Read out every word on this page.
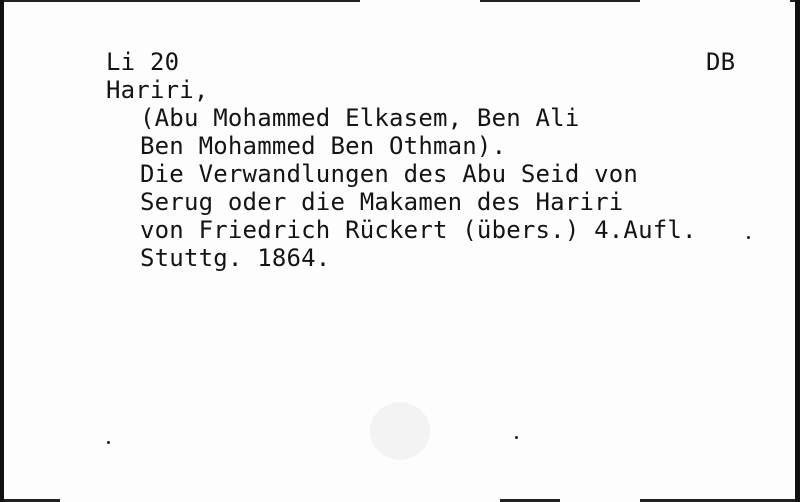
Li 20	DB
Hariri,
(Abu Mohammed Elkasem, Ben Ali
Ben Mohammed Ben Othman).
Die Verwandlungen des Abu Seid von
Serug oder die Makamen des Hariri
von Friedrich Rückert (übers.) 4.Aufl.
Stuttg. 1864.
